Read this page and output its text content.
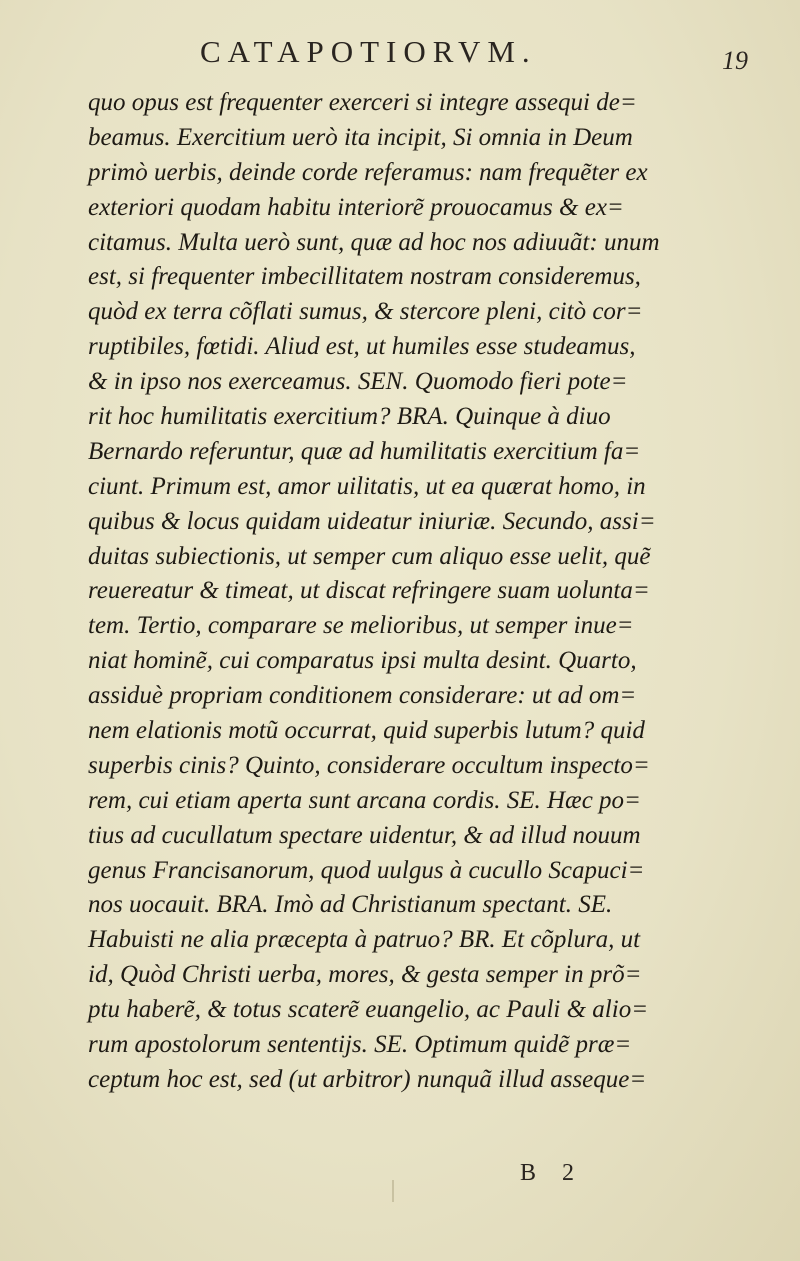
CATAPOTIORVM.	19
quo opus est frequenter exerceri si integre assequi de=
beamus. Exercitium uerò ita incipit, Si omnia in Deum
primò uerbis, deinde corde referamus: nam freque͂ter ex
exteriori quodam habitu interiore͂ prouocamus & ex=
citamus. Multa uerò sunt, quæ ad hoc nos adiuuãt: unum
est, si frequenter imbecillitatem nostram consideremus,
quòd ex terra cõflati sumus, & stercore pleni, citò cor=
ruptibiles, fœtidi. Aliud est, ut humiles esse studeamus,
& in ipso nos exerceamus. SEN. Quomodo fieri pote=
rit hoc humilitatis exercitium? BRA. Quinque à diuo
Bernardo referuntur, quæ ad humilitatis exercitium fa=
ciunt. Primum est, amor uilitatis, ut ea quærat homo, in
quibus & locus quidam uideatur iniuriæ. Secundo, assi=
duitas subiectionis, ut semper cum aliquo esse uelit, que͂
reuereatur & timeat, ut discat refringere suam uolunta=
tem. Tertio, comparare se melioribus, ut semper inue=
niat homine͂, cui comparatus ipsi multa desint. Quarto,
assiduè propriam conditionem considerare: ut ad om=
nem elationis motũ occurrat, quid superbis lutum? quid
superbis cinis? Quinto, considerare occultum inspecto=
rem, cui etiam aperta sunt arcana cordis. SE. Hæc po=
tius ad cucullatum spectare uidentur, & ad illud nouum
genus Francisanorum, quod uulgus à cucullo Scapuci=
nos uocauit. BRA. Imò ad Christianum spectant. SE.
Habuisti ne alia præcepta à patruo? BR. Et cõplura, ut
id, Quòd Christi uerba, mores, & gesta semper in prõ=
ptu habere͂, & totus scatere͂ euangelio, ac Pauli & alio=
rum apostolorum sententijs. SE. Optimum quide͂ præ=
ceptum hoc est, sed (ut arbitror) nunquã illud asseque=
B 2
